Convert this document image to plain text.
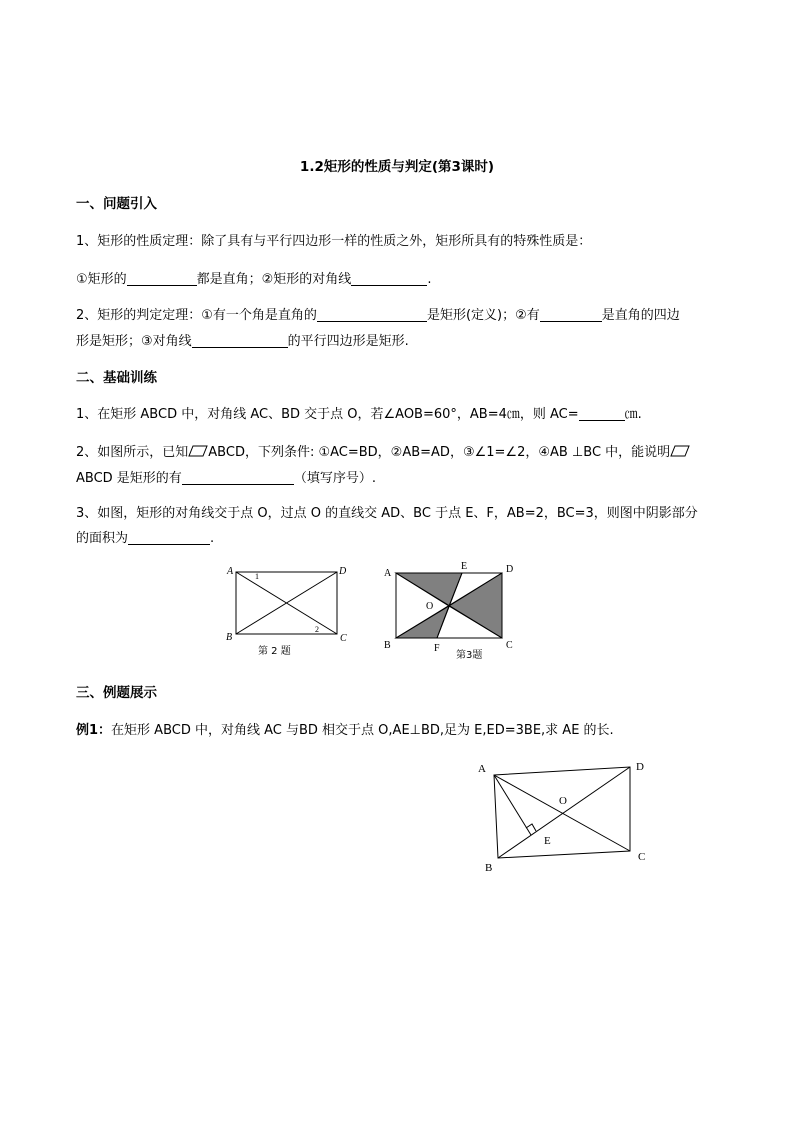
1.2矩形的性质与判定(第3课时)
一、问题引入
1、矩形的性质定理：除了具有与平行四边形一样的性质之外，矩形所具有的特殊性质是：
①矩形的	都是直角；②矩形的对角线	.
2、矩形的判定定理：①有一个角是直角的	是矩形(定义)；②有	是直角的四边
形是矩形；③对角线	的平行四边形是矩形.
二、基础训练
1、在矩形 ABCD 中，对角线 AC、BD 交于点 O，若∠AOB=60°，AB=4㎝，则 AC=	㎝.
2、如图所示，已知 ABCD，下列条件: ①AC=BD，②AB=AD，③∠1=∠2，④AB ⊥BC 中，能说明
ABCD 是矩形的有	（填写序号）.
3、如图，矩形的对角线交于点 O，过点 O 的直线交 AD、BC 于点 E、F，AB=2，BC=3，则图中阴影部分
的面积为	.
A	D
B	C
1
2
第 2 题
A
E	D
O
B	F	C
第3题
三、例题展示
例1：在矩形 ABCD 中，对角线 AC 与BD 相交于点 O,AE⊥BD,足为 E,ED=3BE,求 AE 的长.
A	D
O
E
B
C
